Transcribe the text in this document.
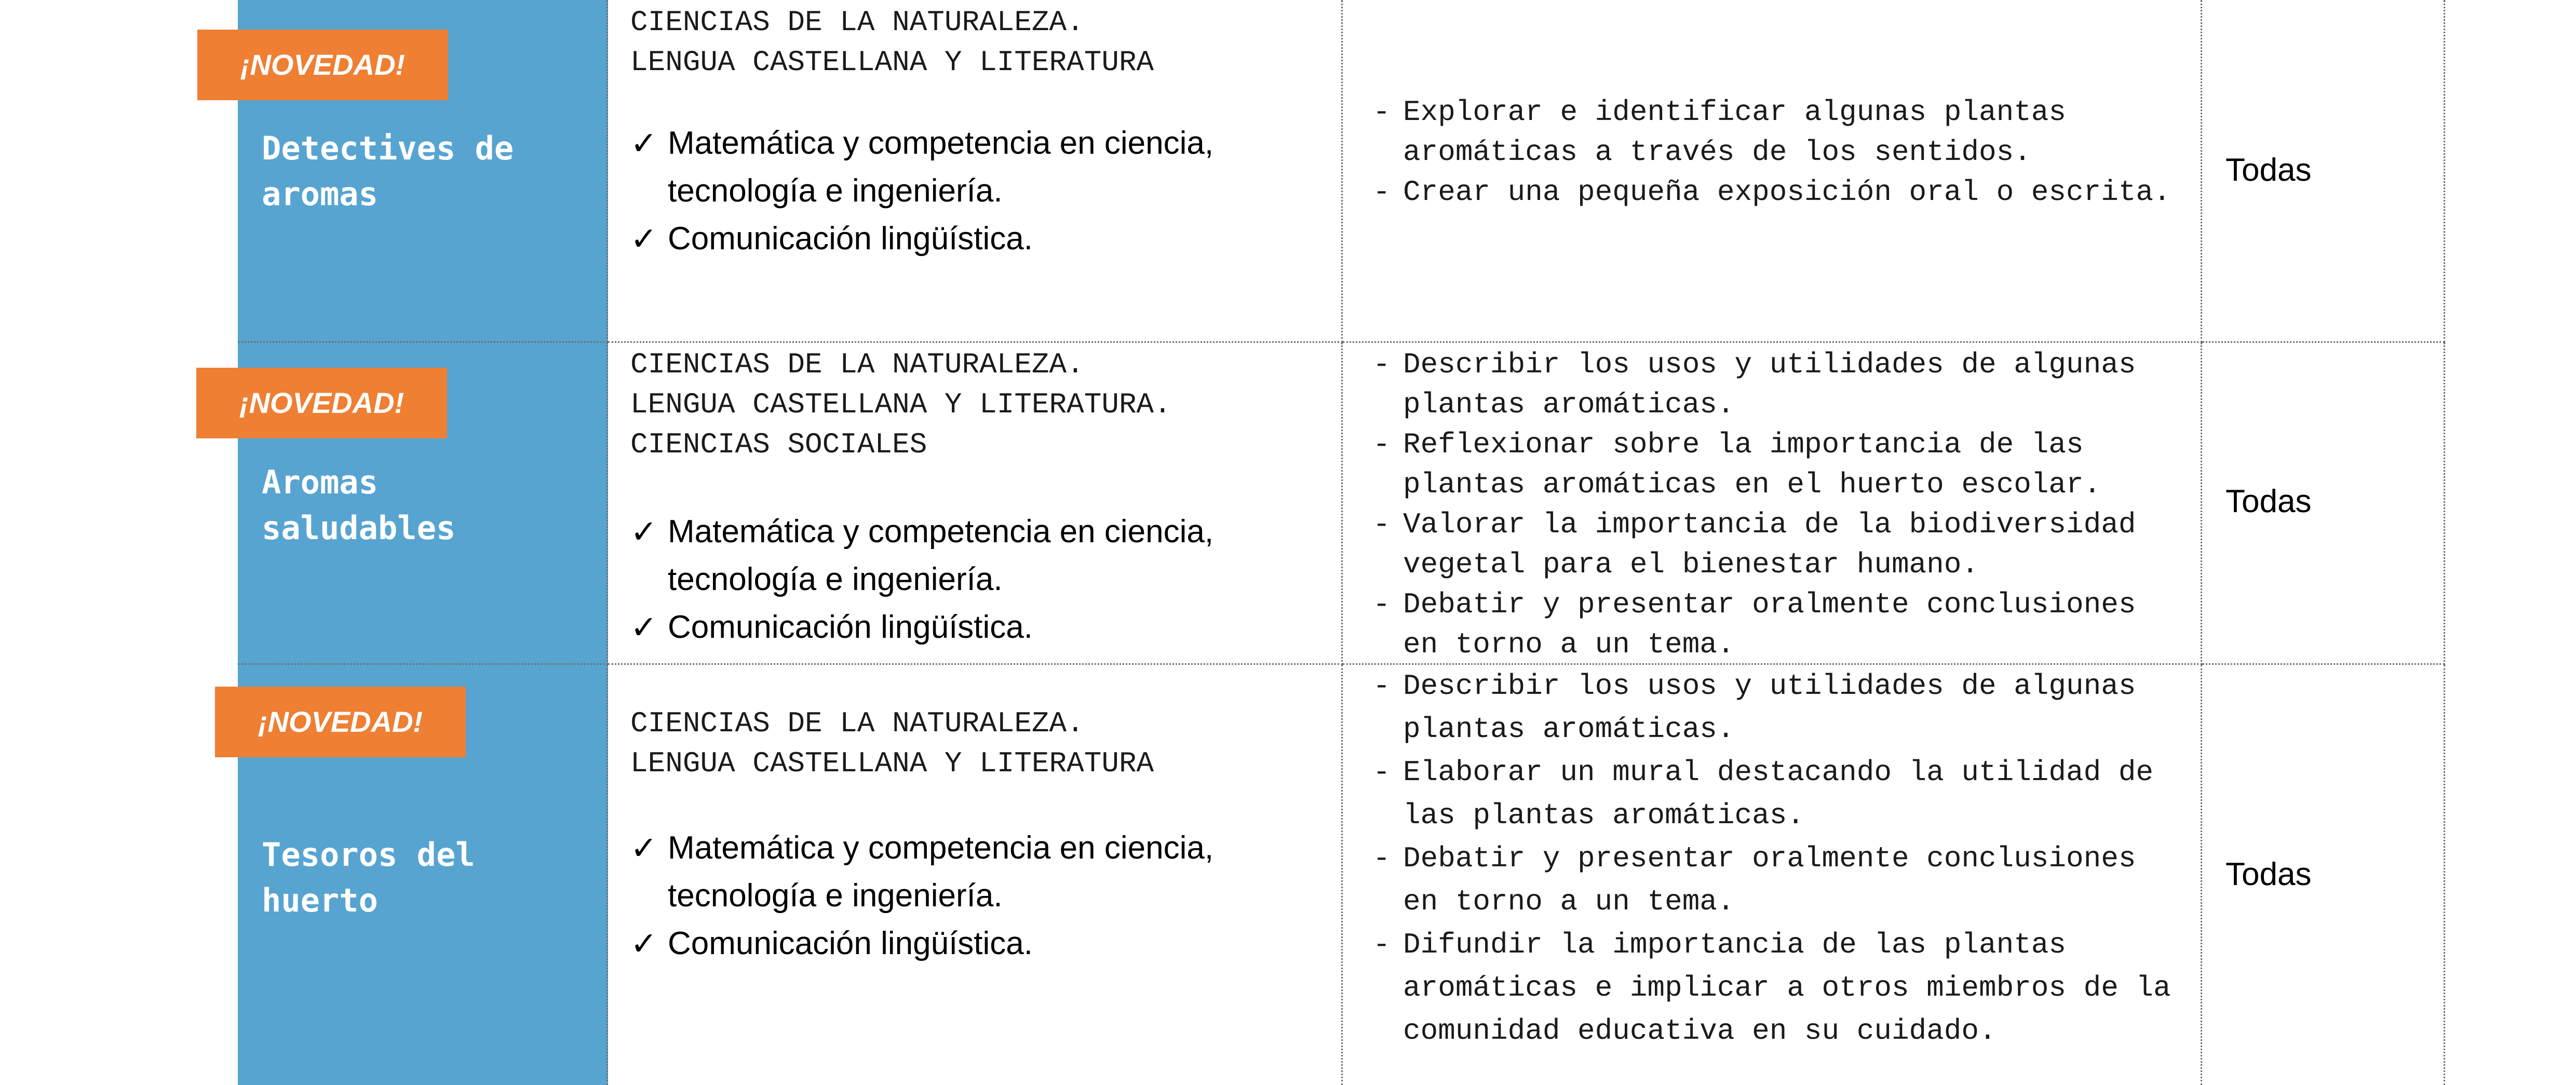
Detectives de
aromas
CIENCIAS DE LA NATURALEZA.
LENGUA CASTELLANA Y LITERATURA
✓ Matemática y competencia en ciencia,
tecnología e ingeniería.
✓ Comunicación lingüística.
- Explorar e identificar algunas plantas aromáticas a través de los sentidos.
- Crear una pequeña exposición oral o escrita.
Todas
Aromas
saludables
CIENCIAS DE LA NATURALEZA.
LENGUA CASTELLANA Y LITERATURA.
CIENCIAS SOCIALES
✓ Matemática y competencia en ciencia,
tecnología e ingeniería.
✓ Comunicación lingüística.
- Describir los usos y utilidades de algunas plantas aromáticas.
- Reflexionar sobre la importancia de las plantas aromáticas en el huerto escolar.
- Valorar la importancia de la biodiversidad vegetal para el bienestar humano.
- Debatir y presentar oralmente conclusiones en torno a un tema.
Todas
Tesoros del
huerto
CIENCIAS DE LA NATURALEZA.
LENGUA CASTELLANA Y LITERATURA
✓ Matemática y competencia en ciencia,
tecnología e ingeniería.
✓ Comunicación lingüística.
- Describir los usos y utilidades de algunas plantas aromáticas.
- Elaborar un mural destacando la utilidad de las plantas aromáticas.
- Debatir y presentar oralmente conclusiones en torno a un tema.
- Difundir la importancia de las plantas aromáticas e implicar a otros miembros de la comunidad educativa en su cuidado.
Todas
¡NOVEDAD!
¡NOVEDAD!
¡NOVEDAD!
